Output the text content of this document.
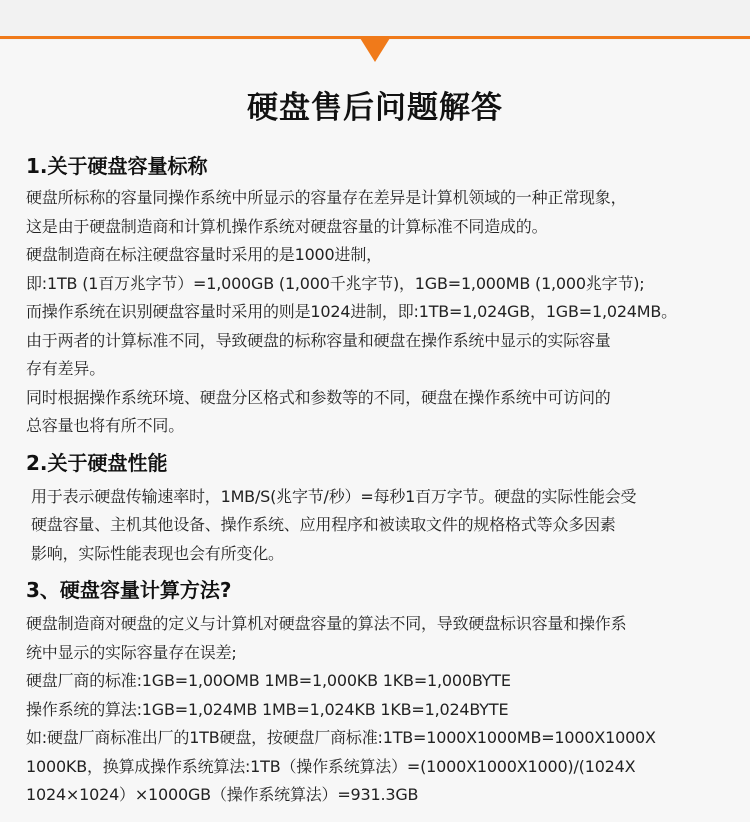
硬盘售后问题解答
1.关于硬盘容量标称

硬盘所标称的容量同操作系统中所显示的容量存在差异是计算机领域的一种正常现象，

这是由于硬盘制造商和计算机操作系统对硬盘容量的计算标准不同造成的。

硬盘制造商在标注硬盘容量时采用的是1000进制，

即:1TB (1百万兆字节）=1,000GB (1,000千兆字节)，1GB=1,000MB (1,000兆字节);

而操作系统在识别硬盘容量时采用的则是1024进制，即:1TB=1,024GB，1GB=1,024MB。

由于两者的计算标准不同，导致硬盘的标称容量和硬盘在操作系统中显示的实际容量

存有差异。

同时根据操作系统环境、硬盘分区格式和参数等的不同，硬盘在操作系统中可访问的

总容量也将有所不同。

2.关于硬盘性能

用于表示硬盘传输速率时，1MB/S(兆字节/秒）=每秒1百万字节。硬盘的实际性能会受

硬盘容量、主机其他设备、操作系统、应用程序和被读取文件的规格格式等众多因素

影响，实际性能表现也会有所变化。

3、硬盘容量计算方法?

硬盘制造商对硬盘的定义与计算机对硬盘容量的算法不同，导致硬盘标识容量和操作系

统中显示的实际容量存在误差;

硬盘厂商的标准:1GB=1,00OMB 1MB=1,000KB 1KB=1,000BYTE

操作系统的算法:1GB=1,024MB 1MB=1,024KB 1KB=1,024BYTE

如:硬盘厂商标准出厂的1TB硬盘，按硬盘厂商标准:1TB=1000X1000MB=1000X1000X

1000KB，换算成操作系统算法:1TB（操作系统算法）=(1000X1000X1000)/(1024X

1024×1024）×1000GB（操作系统算法）=931.3GB
